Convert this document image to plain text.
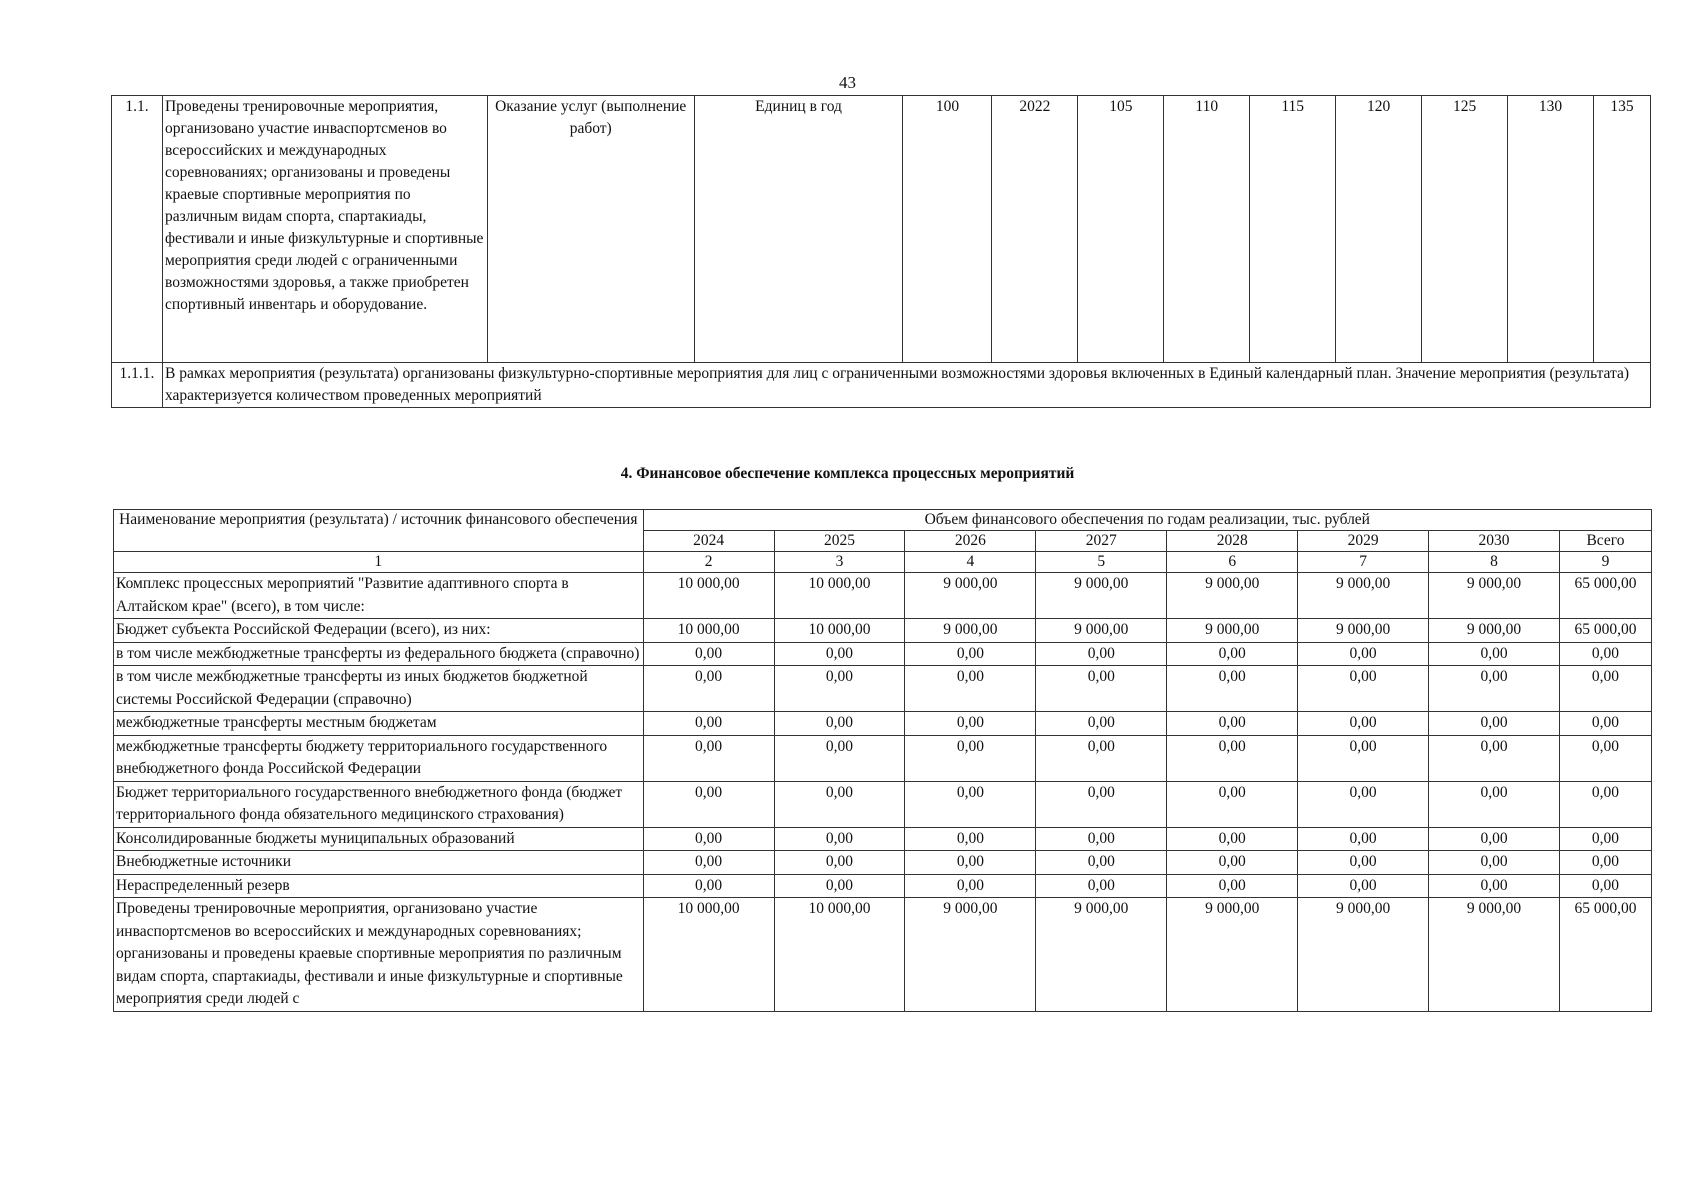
43
1.1.	Проведены тренировочные мероприятия, организовано участие инваспортсменов во всероссийских и международных соревнованиях; организованы и проведены краевые спортивные мероприятия по различным видам спорта, спартакиады, фестивали и иные физкультурные и спортивные мероприятия среди людей с ограниченными возможностями здоровья, а также приобретен спортивный инвентарь и оборудование.	Оказание услуг (выполнение работ)	Единиц в год	100	2022	105	110	115	120	125	130	135
1.1.1.	В рамках мероприятия (результата) организованы физкультурно-спортивные мероприятия для лиц с ограниченными возможностями здоровья включенных в Единый календарный план. Значение мероприятия (результата) характеризуется количеством проведенных мероприятий											
4. Финансовое обеспечение комплекса процессных мероприятий
Наименование мероприятия (результата) / источник финансового обеспечения	Объем финансового обеспечения по годам реализации, тыс. рублей							
	2024	2025	2026	2027	2028	2029	2030	Всего
1	2	3	4	5	6	7	8	9
Комплекс процессных мероприятий "Развитие адаптивного спорта в Алтайском крае" (всего), в том числе:	10 000,00	10 000,00	9 000,00	9 000,00	9 000,00	9 000,00	9 000,00	65 000,00
Бюджет субъекта Российской Федерации (всего), из них:	10 000,00	10 000,00	9 000,00	9 000,00	9 000,00	9 000,00	9 000,00	65 000,00
в том числе межбюджетные трансферты из федерального бюджета (справочно)	0,00	0,00	0,00	0,00	0,00	0,00	0,00	0,00
в том числе межбюджетные трансферты из иных бюджетов бюджетной системы Российской Федерации (справочно)	0,00	0,00	0,00	0,00	0,00	0,00	0,00	0,00
межбюджетные трансферты местным бюджетам	0,00	0,00	0,00	0,00	0,00	0,00	0,00	0,00
межбюджетные трансферты бюджету территориального государственного внебюджетного фонда Российской Федерации	0,00	0,00	0,00	0,00	0,00	0,00	0,00	0,00
Бюджет территориального государственного внебюджетного фонда (бюджет территориального фонда обязательного медицинского страхования)	0,00	0,00	0,00	0,00	0,00	0,00	0,00	0,00
Консолидированные бюджеты муниципальных образований	0,00	0,00	0,00	0,00	0,00	0,00	0,00	0,00
Внебюджетные источники	0,00	0,00	0,00	0,00	0,00	0,00	0,00	0,00
Нераспределенный резерв	0,00	0,00	0,00	0,00	0,00	0,00	0,00	0,00
Проведены тренировочные мероприятия, организовано участие инваспортсменов во всероссийских и международных соревнованиях; организованы и проведены краевые спортивные мероприятия по различным видам спорта, спартакиады, фестивали и иные физкультурные и спортивные мероприятия среди людей с	10 000,00	10 000,00	9 000,00	9 000,00	9 000,00	9 000,00	9 000,00	65 000,00
